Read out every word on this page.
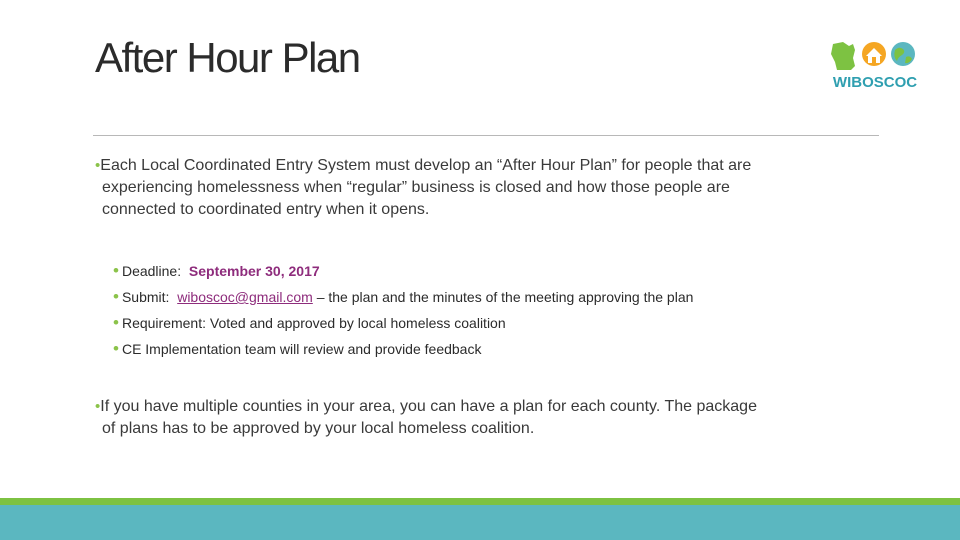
After Hour Plan
WIBOSCOC
•Each Local Coordinated Entry System must develop an “After Hour Plan” for people that are
experiencing homelessness when “regular” business is closed and how those people are
connected to coordinated entry when it opens.
• Deadline: September 30, 2017
• Submit: wiboscoc@gmail.com – the plan and the minutes of the meeting approving the plan
• Requirement: Voted and approved by local homeless coalition
• CE Implementation team will review and provide feedback
•If you have multiple counties in your area, you can have a plan for each county. The package
of plans has to be approved by your local homeless coalition.
